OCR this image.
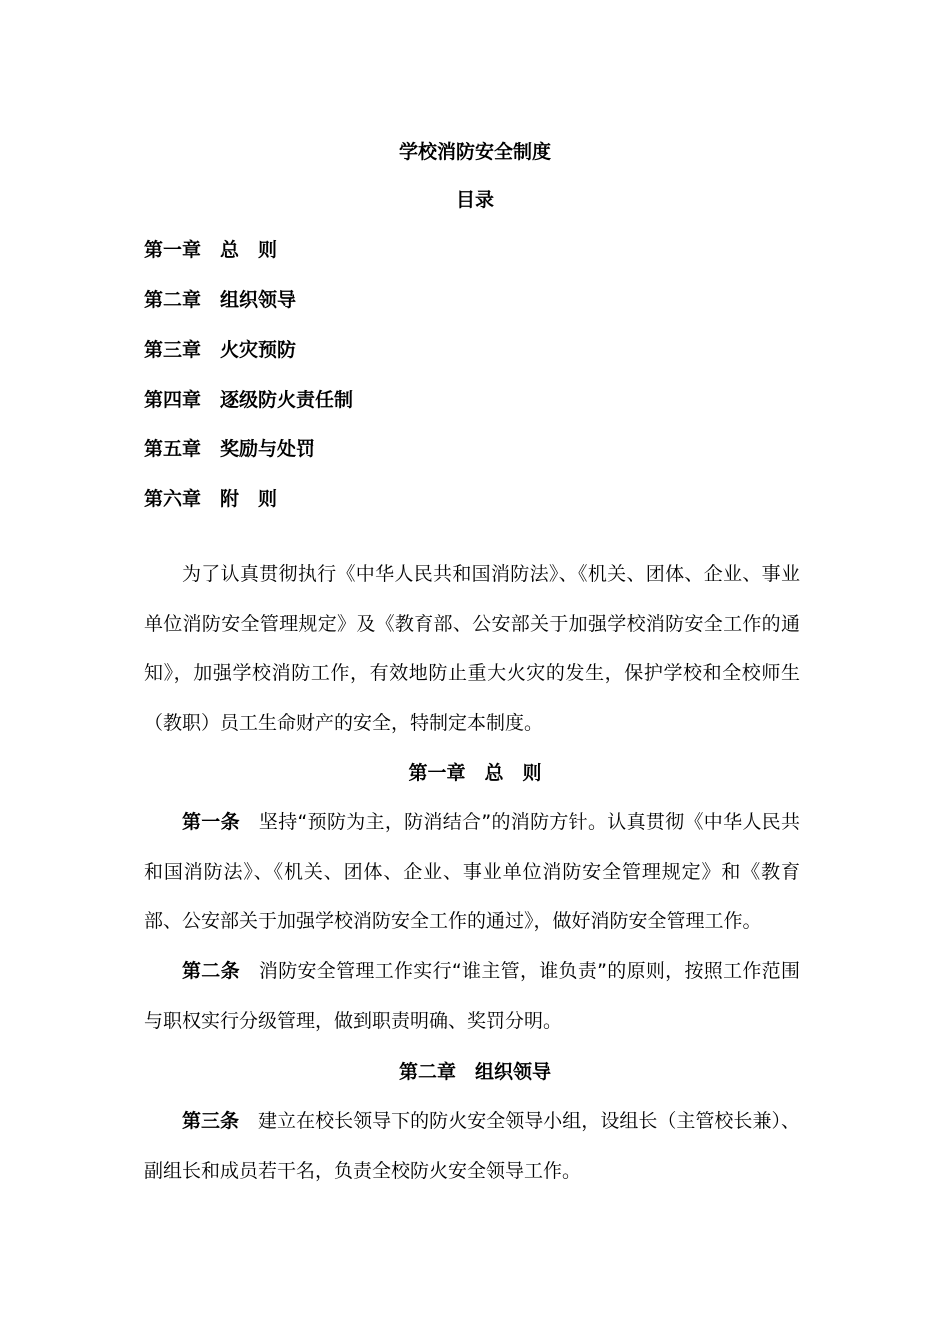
学校消防安全制度
目录
第一章 总　则
第二章 组织领导
第三章 火灾预防
第四章 逐级防火责任制
第五章 奖励与处罚
第六章 附　则

为了认真贯彻执行《中华人民共和国消防法》、《机关、团体、企业、事业单位消防安全管理规定》及《教育部、公安部关于加强学校消防安全工作的通知》，加强学校消防工作，有效地防止重大火灾的发生，保护学校和全校师生（教职）员工生命财产的安全，特制定本制度。

第一章 总　则

第一条 坚持“预防为主，防消结合”的消防方针。认真贯彻《中华人民共和国消防法》、《机关、团体、企业、事业单位消防安全管理规定》和《教育部、公安部关于加强学校消防安全工作的通过》，做好消防安全管理工作。

第二条 消防安全管理工作实行“谁主管，谁负责”的原则，按照工作范围与职权实行分级管理，做到职责明确、奖罚分明。

第二章 组织领导

第三条 建立在校长领导下的防火安全领导小组，设组长（主管校长兼）、副组长和成员若干名，负责全校防火安全领导工作。
